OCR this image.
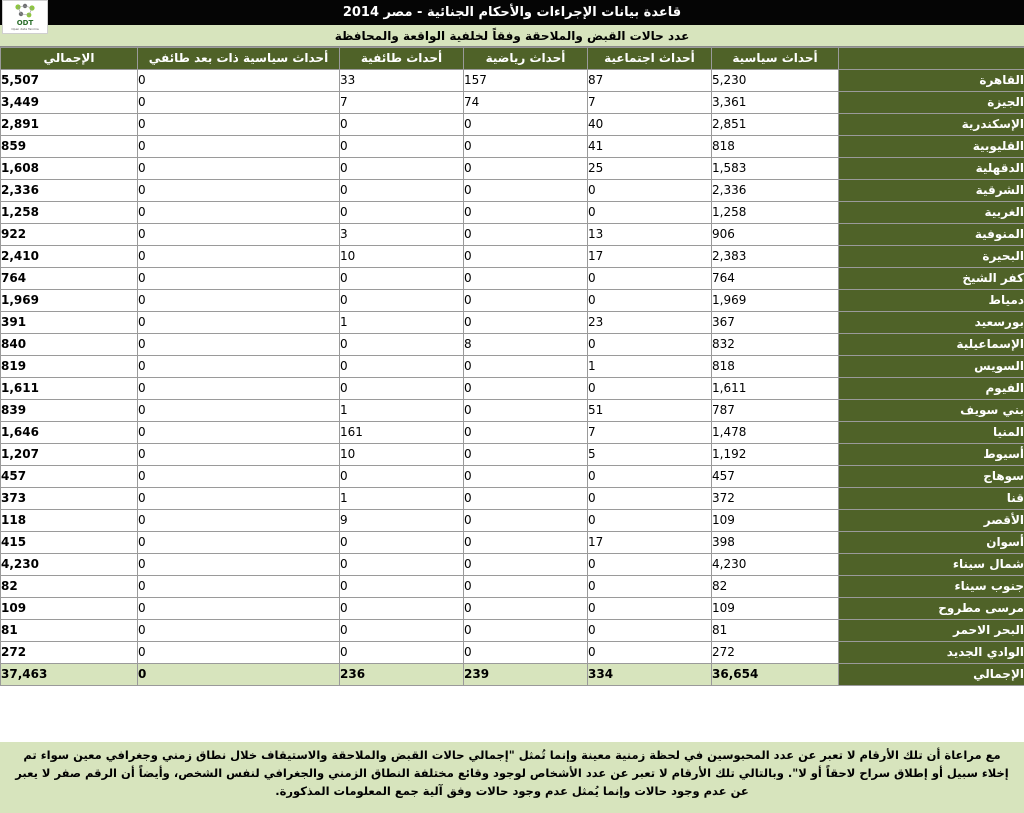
قاعدة بيانات الإجراءات والأحكام الجنائية - مصر 2014
ODT
Open data Tanmia	عدد حالات القبض والملاحقة وفقاً لخلفية الواقعة والمحافظة
	أحداث سياسية	أحداث اجتماعية	أحداث رياضية	أحداث طائفية	أحداث سياسية ذات بعد طائفي	الإجمالي
القاهرة	5,230	87	157	33	0	5,507
الجيزة	3,361	7	74	7	0	3,449
الإسكندرية	2,851	40	0	0	0	2,891
القليوبية	818	41	0	0	0	859
الدقهلية	1,583	25	0	0	0	1,608
الشرقية	2,336	0	0	0	0	2,336
الغربية	1,258	0	0	0	0	1,258
المنوفية	906	13	0	3	0	922
البحيرة	2,383	17	0	10	0	2,410
كفر الشيخ	764	0	0	0	0	764
دمياط	1,969	0	0	0	0	1,969
بورسعيد	367	23	0	1	0	391
الإسماعيلية	832	0	8	0	0	840
السويس	818	1	0	0	0	819
الفيوم	1,611	0	0	0	0	1,611
بني سويف	787	51	0	1	0	839
المنيا	1,478	7	0	161	0	1,646
أسيوط	1,192	5	0	10	0	1,207
سوهاج	457	0	0	0	0	457
قنا	372	0	0	1	0	373
الأقصر	109	0	0	9	0	118
أسوان	398	17	0	0	0	415
شمال سيناء	4,230	0	0	0	0	4,230
جنوب سيناء	82	0	0	0	0	82
مرسى مطروح	109	0	0	0	0	109
البحر الاحمر	81	0	0	0	0	81
الوادي الجديد	272	0	0	0	0	272
الإجمالي	36,654	334	239	236	0	37,463
مع مراعاة أن تلك الأرقام لا تعبر عن عدد المحبوسين في لحظة زمنية معينة وإنما تُمثل "إجمالي حالات القبض والملاحقة والاستيقاف خلال نطاق زمني وجغرافي معين سواء تم إخلاء سبيل أو إطلاق سراح لاحقاً أو لا". وبالتالي تلك الأرقام لا تعبر عن عدد الأشخاص لوجود وقائع مختلفة النطاق الزمني والجغرافي لنفس الشخص، وأيضاً أن الرقم صفر لا يعبر عن عدم وجود حالات وإنما يُمثل عدم وجود حالات وفق آلية جمع المعلومات المذكورة.
